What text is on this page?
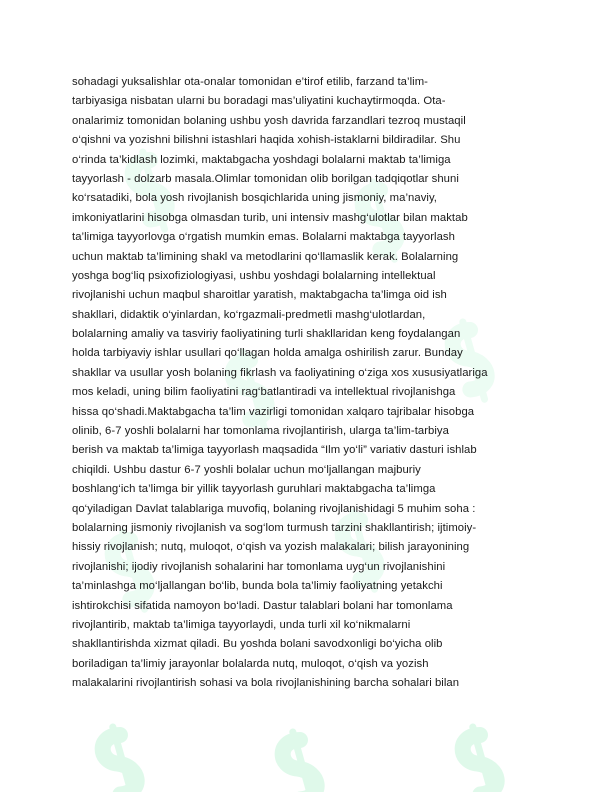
sohadagi yuksalishlar ota-onalar tomonidan e’tirof etilib, farzand ta’lim-
tarbiyasiga nisbatan ularni bu boradagi mas’uliyatini kuchaytirmoqda. Ota-
onalarimiz tomonidan bolaning ushbu yosh davrida farzandlari tezroq mustaqil
o‘qishni va yozishni bilishni istashlari haqida xohish-istaklarni bildiradilar. Shu
o‘rinda ta’kidlash lozimki, maktabgacha yoshdagi bolalarni maktab ta’limiga
tayyorlash - dolzarb masala.Olimlar tomonidan olib borilgan tadqiqotlar shuni
ko‘rsatadiki, bola yosh rivojlanish bosqichlarida uning jismoniy, ma’naviy,
imkoniyatlarini hisobga olmasdan turib, uni intensiv mashg‘ulotlar bilan maktab
ta’limiga tayyorlovga o‘rgatish mumkin emas. Bolalarni maktabga tayyorlash
uchun maktab ta’limining shakl va metodlarini qo‘llamaslik kerak. Bolalarning
yoshga bog‘liq psixofiziologiyasi, ushbu yoshdagi bolalarning intellektual
rivojlanishi uchun maqbul sharoitlar yaratish, maktabgacha ta’limga oid ish
shakllari, didaktik o‘yinlardan, ko‘rgazmali-predmetli mashg‘ulotlardan,
bolalarning amaliy va tasviriy faoliyatining turli shakllaridan keng foydalangan
holda tarbiyaviy ishlar usullari qo‘llagan holda amalga oshirilish zarur. Bunday
shakllar va usullar yosh bolaning fikrlash va faoliyatining o‘ziga xos xususiyatlariga
mos keladi, uning bilim faoliyatini rag‘batlantiradi va intellektual rivojlanishga
hissa qo‘shadi.Maktabgacha ta’lim vazirligi tomonidan xalqaro tajribalar hisobga
olinib, 6-7 yoshli bolalarni har tomonlama rivojlantirish, ularga ta’lim-tarbiya
berish va maktab ta’limiga tayyorlash maqsadida “Ilm yo‘li” variativ dasturi ishlab
chiqildi. Ushbu dastur 6-7 yoshli bolalar uchun mo‘ljallangan majburiy
boshlang‘ich ta’limga bir yillik tayyorlash guruhlari maktabgacha ta’limga
qo‘yiladigan Davlat talablariga muvofiq, bolaning rivojlanishidagi 5 muhim soha :
bolalarning jismoniy rivojlanish va sog‘lom turmush tarzini shakllantirish; ijtimoiy-
hissiy rivojlanish; nutq, muloqot, o‘qish va yozish malakalari; bilish jarayonining
rivojlanishi; ijodiy rivojlanish sohalarini har tomonlama uyg‘un rivojlanishini
ta’minlashga mo‘ljallangan bo‘lib, bunda bola ta’limiy faoliyatning yetakchi
ishtirokchisi sifatida namoyon bo‘ladi. Dastur talablari bolani har tomonlama
rivojlantirib, maktab ta’limiga tayyorlaydi, unda turli xil ko‘nikmalarni
shakllantirishda xizmat qiladi. Bu yoshda bolani savodxonligi bo‘yicha olib
boriladigan ta’limiy jarayonlar bolalarda nutq, muloqot, o‘qish va yozish
malakalarini rivojlantirish sohasi va bola rivojlanishining barcha sohalari bilan
